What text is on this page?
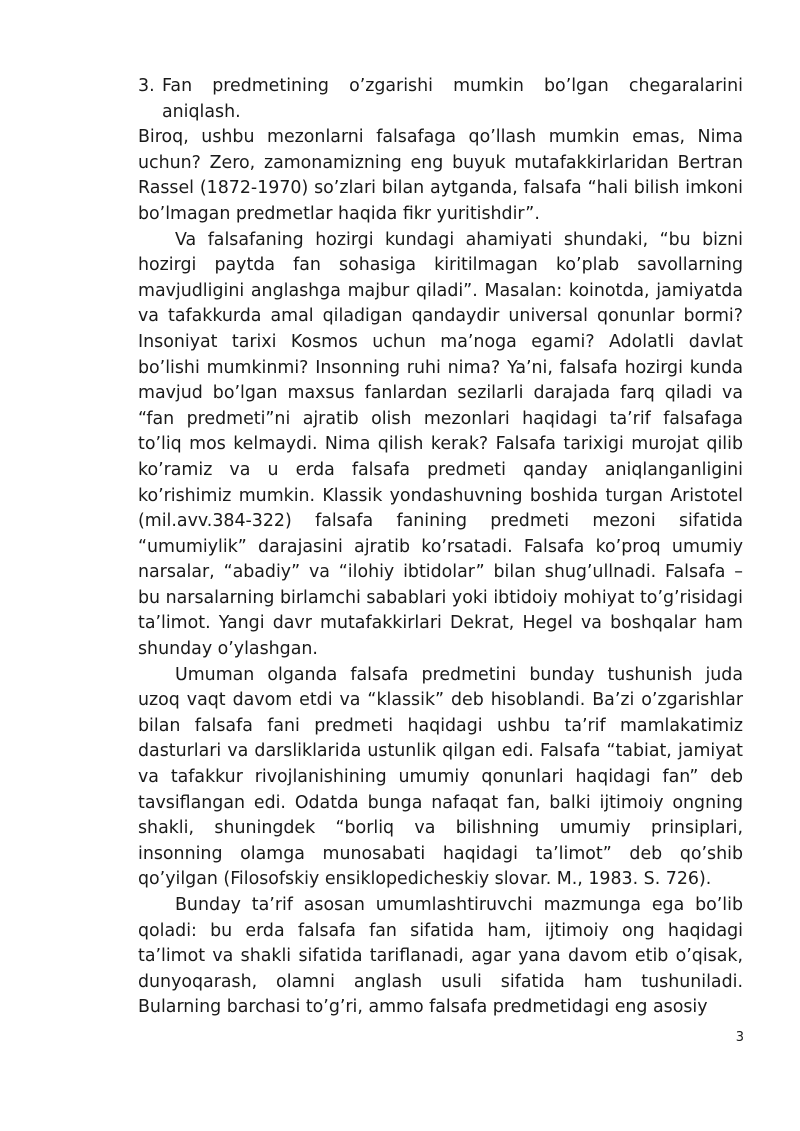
3. Fan predmetining o’zgarishi mumkin bo’lgan chegaralarini aniqlash.

Biroq, ushbu mezonlarni falsafaga qo’llash mumkin emas, Nima uchun? Zero, zamonamizning eng buyuk mutafakkirlaridan Bertran Rassel (1872-1970) so’zlari bilan aytganda, falsafa “hali bilish imkoni bo’lmagan predmetlar haqida fikr yuritishdir”.

Va falsafaning hozirgi kundagi ahamiyati shundaki, “bu bizni hozirgi paytda fan sohasiga kiritilmagan ko’plab savollarning mavjudligini anglashga majbur qiladi”. Masalan: koinotda, jamiyatda va tafakkurda amal qiladigan qandaydir universal qonunlar bormi? Insoniyat tarixi Kosmos uchun ma’noga egami? Adolatli davlat bo’lishi mumkinmi? Insonning ruhi nima? Ya’ni, falsafa hozirgi kunda mavjud bo’lgan maxsus fanlardan sezilarli darajada farq qiladi va “fan predmeti”ni ajratib olish mezonlari haqidagi ta’rif falsafaga to’liq mos kelmaydi. Nima qilish kerak? Falsafa tarixigi murojat qilib ko’ramiz va u erda falsafa predmeti qanday aniqlanganligini ko’rishimiz mumkin. Klassik yondashuvning boshida turgan Aristotel (mil.avv.384-322) falsafa fanining predmeti mezoni sifatida “umumiylik” darajasini ajratib ko’rsatadi. Falsafa ko’proq umumiy narsalar, “abadiy” va “ilohiy ibtidolar” bilan shug’ullnadi. Falsafa – bu narsalarning birlamchi sabablari yoki ibtidoiy mohiyat to’g’risidagi ta’limot. Yangi davr mutafakkirlari Dekrat, Hegel va boshqalar ham shunday o’ylashgan.

Umuman olganda falsafa predmetini bunday tushunish juda uzoq vaqt davom etdi va “klassik” deb hisoblandi. Ba’zi o’zgarishlar bilan falsafa fani predmeti haqidagi ushbu ta’rif mamlakatimiz dasturlari va darsliklarida ustunlik qilgan edi. Falsafa “tabiat, jamiyat va tafakkur rivojlanishining umumiy qonunlari haqidagi fan” deb tavsiflangan edi. Odatda bunga nafaqat fan, balki ijtimoiy ongning shakli, shuningdek “borliq va bilishning umumiy prinsiplari, insonning olamga munosabati haqidagi ta’limot” deb qo’shib qo’yilgan (Filosofskiy ensiklopedicheskiy slovar. M., 1983. S. 726).

Bunday ta’rif asosan umumlashtiruvchi mazmunga ega bo’lib qoladi: bu erda falsafa fan sifatida ham, ijtimoiy ong haqidagi ta’limot va shakli sifatida tariflanadi, agar yana davom etib o’qisak, dunyoqarash, olamni anglash usuli sifatida ham tushuniladi. Bularning barchasi to’g’ri, ammo falsafa predmetidagi eng asosiy

3
